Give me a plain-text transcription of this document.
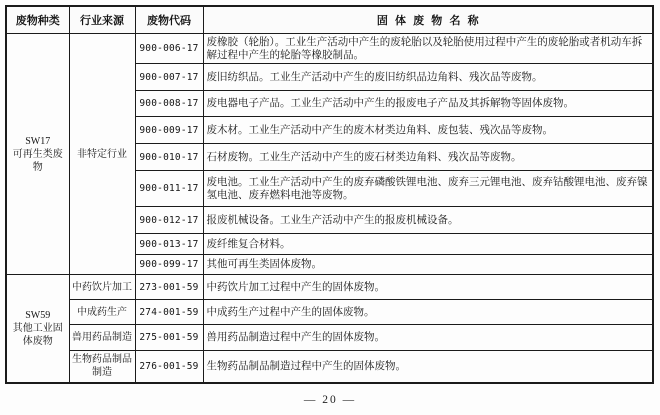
废物种类	行业来源	废物代码	固体废物名称

SW17
可再生类废物	非特定行业	900-006-17	废橡胶（轮胎）。工业生产活动中产生的废轮胎以及轮胎使用过程中产生的废轮胎或者机动车拆解过程中产生的轮胎等橡胶制品。
		900-007-17	废旧纺织品。工业生产活动中产生的废旧纺织品边角料、残次品等废物。
		900-008-17	废电器电子产品。工业生产活动中产生的报废电子产品及其拆解物等固体废物。
		900-009-17	废木材。工业生产活动中产生的废木材类边角料、废包装、残次品等废物。
		900-010-17	石材废物。工业生产活动中产生的废石材类边角料、残次品等废物。
		900-011-17	废电池。工业生产活动中产生的废弃磷酸铁锂电池、废弃三元锂电池、废弃钴酸锂电池、废弃镍氢电池、废弃燃料电池等废物。
		900-012-17	报废机械设备。工业生产活动中产生的报废机械设备。
		900-013-17	废纤维复合材料。
		900-099-17	其他可再生类固体废物。

SW59
其他工业固体废物	中药饮片加工	273-001-59	中药饮片加工过程中产生的固体废物。
	中成药生产	274-001-59	中成药生产过程中产生的固体废物。
	兽用药品制造	275-001-59	兽用药品制造过程中产生的固体废物。
	生物药品制品制造	276-001-59	生物药品制品制造过程中产生的固体废物。
— 20 —
